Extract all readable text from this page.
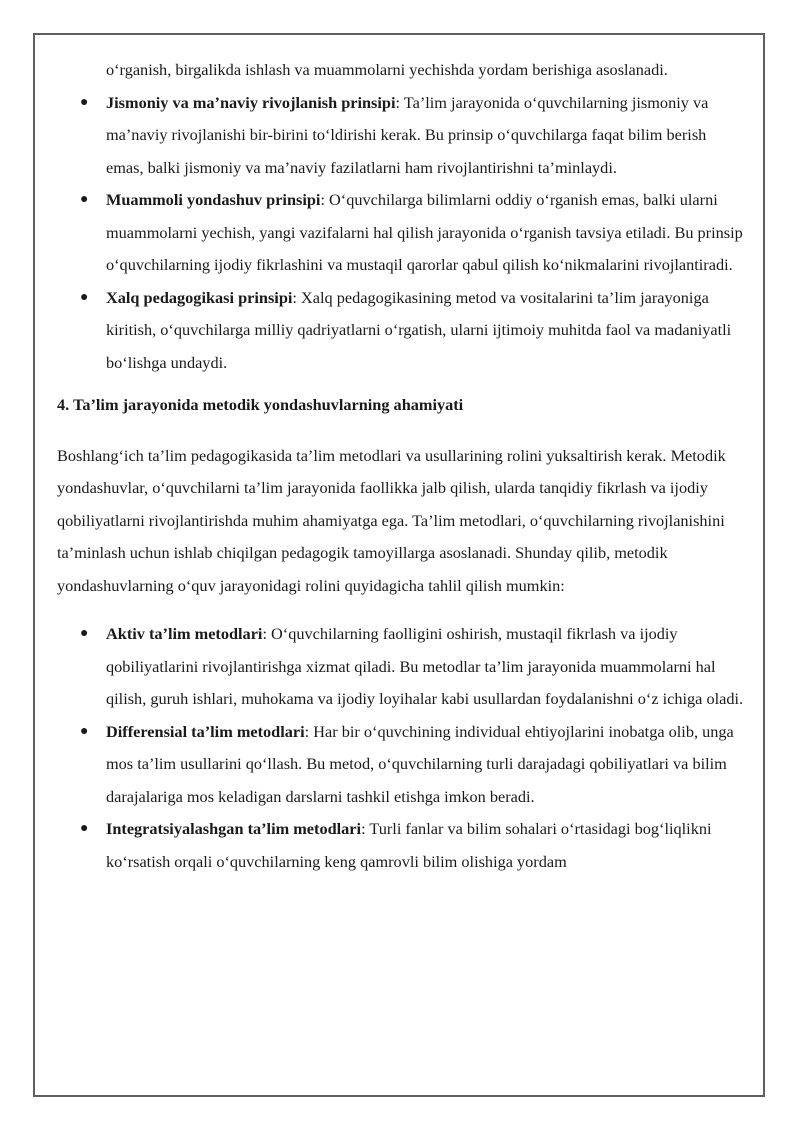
o‘rganish, birgalikda ishlash va muammolarni yechishda yordam berishiga asoslanadi.

● Jismoniy va ma’naviy rivojlanish prinsipi: Ta’lim jarayonida o‘quvchilarning jismoniy va ma’naviy rivojlanishi bir-birini to‘ldirishi kerak. Bu prinsip o‘quvchilarga faqat bilim berish emas, balki jismoniy va ma’naviy fazilatlarni ham rivojlantirishni ta’minlaydi.
● Muammoli yondashuv prinsipi: O‘quvchilarga bilimlarni oddiy o‘rganish emas, balki ularni muammolarni yechish, yangi vazifalarni hal qilish jarayonida o‘rganish tavsiya etiladi. Bu prinsip o‘quvchilarning ijodiy fikrlashini va mustaqil qarorlar qabul qilish ko‘nikmalarini rivojlantiradi.
● Xalq pedagogikasi prinsipi: Xalq pedagogikasining metod va vositalarini ta’lim jarayoniga kiritish, o‘quvchilarga milliy qadriyatlarni o‘rgatish, ularni ijtimoiy muhitda faol va madaniyatli bo‘lishga undaydi.

4. Ta’lim jarayonida metodik yondashuvlarning ahamiyati

Boshlang‘ich ta’lim pedagogikasida ta’lim metodlari va usullarining rolini yuksaltirish kerak. Metodik yondashuvlar, o‘quvchilarni ta’lim jarayonida faollikka jalb qilish, ularda tanqidiy fikrlash va ijodiy qobiliyatlarni rivojlantirishda muhim ahamiyatga ega. Ta’lim metodlari, o‘quvchilarning rivojlanishini ta’minlash uchun ishlab chiqilgan pedagogik tamoyillarga asoslanadi. Shunday qilib, metodik yondashuvlarning o‘quv jarayonidagi rolini quyidagicha tahlil qilish mumkin:

● Aktiv ta’lim metodlari: O‘quvchilarning faolligini oshirish, mustaqil fikrlash va ijodiy qobiliyatlarini rivojlantirishga xizmat qiladi. Bu metodlar ta’lim jarayonida muammolarni hal qilish, guruh ishlari, muhokama va ijodiy loyihalar kabi usullardan foydalanishni o‘z ichiga oladi.
● Differensial ta’lim metodlari: Har bir o‘quvchining individual ehtiyojlarini inobatga olib, unga mos ta’lim usullarini qo‘llash. Bu metod, o‘quvchilarning turli darajadagi qobiliyatlari va bilim darajalariga mos keladigan darslarni tashkil etishga imkon beradi.
● Integratsiyalashgan ta’lim metodlari: Turli fanlar va bilim sohalari o‘rtasidagi bog‘liqlikni ko‘rsatish orqali o‘quvchilarning keng qamrovli bilim olishiga yordam
